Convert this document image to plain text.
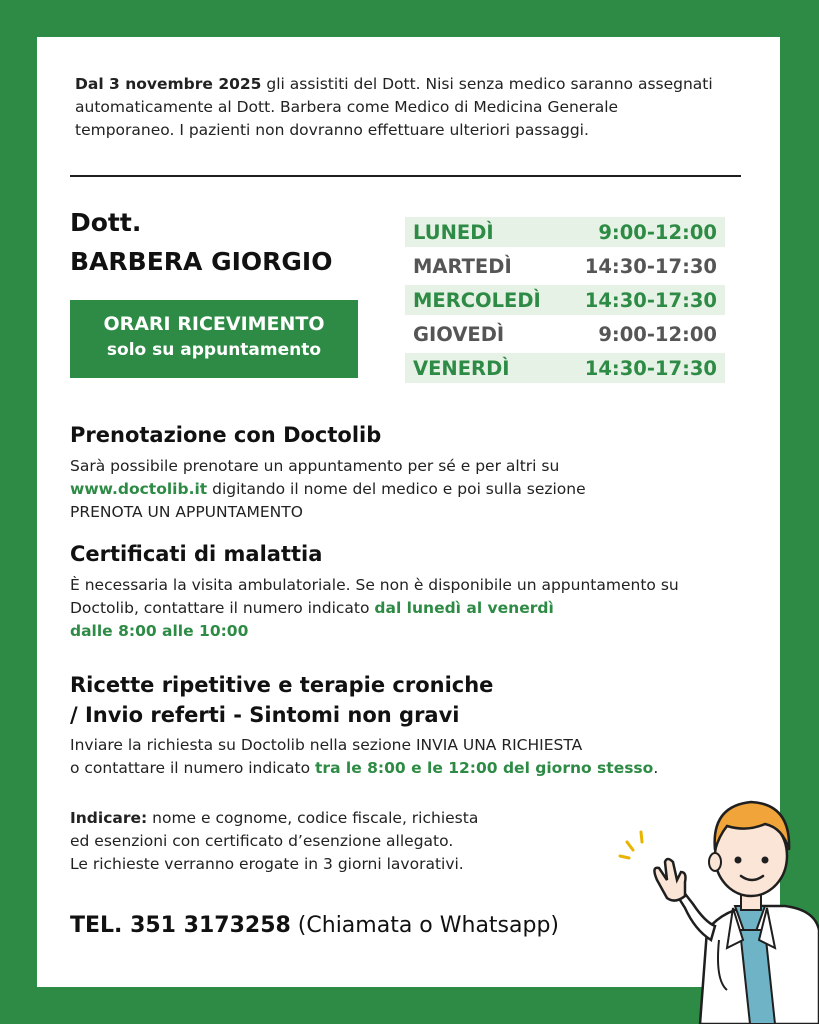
Dal 3 novembre 2025 gli assistiti del Dott. Nisi senza medico saranno assegnati automaticamente al Dott. Barbera come Medico di Medicina Generale temporaneo. I pazienti non dovranno effettuare ulteriori passaggi.
Dott.
BARBERA GIORGIO
ORARI RICEVIMENTO
solo su appuntamento
LUNEDÌ	9:00-12:00
MARTEDÌ	14:30-17:30
MERCOLEDÌ 14:30-17:30
GIOVEDÌ	9:00-12:00
VENERDÌ	14:30-17:30
Prenotazione con Doctolib
Sarà possibile prenotare un appuntamento per sé e per altri su
www.doctolib.it digitando il nome del medico e poi sulla sezione
PRENOTA UN APPUNTAMENTO
Certificati di malattia
È necessaria la visita ambulatoriale. Se non è disponibile un appuntamento su Doctolib, contattare il numero indicato dal lunedì al venerdì
dalle 8:00 alle 10:00
Ricette ripetitive e terapie croniche
/ Invio referti - Sintomi non gravi
Inviare la richiesta su Doctolib nella sezione INVIA UNA RICHIESTA
o contattare il numero indicato tra le 8:00 e le 12:00 del giorno stesso.
Indicare: nome e cognome, codice fiscale, richiesta
ed esenzioni con certificato d’esenzione allegato.
Le richieste verranno erogate in 3 giorni lavorativi.
TEL. 351 3173258 (Chiamata o Whatsapp)
